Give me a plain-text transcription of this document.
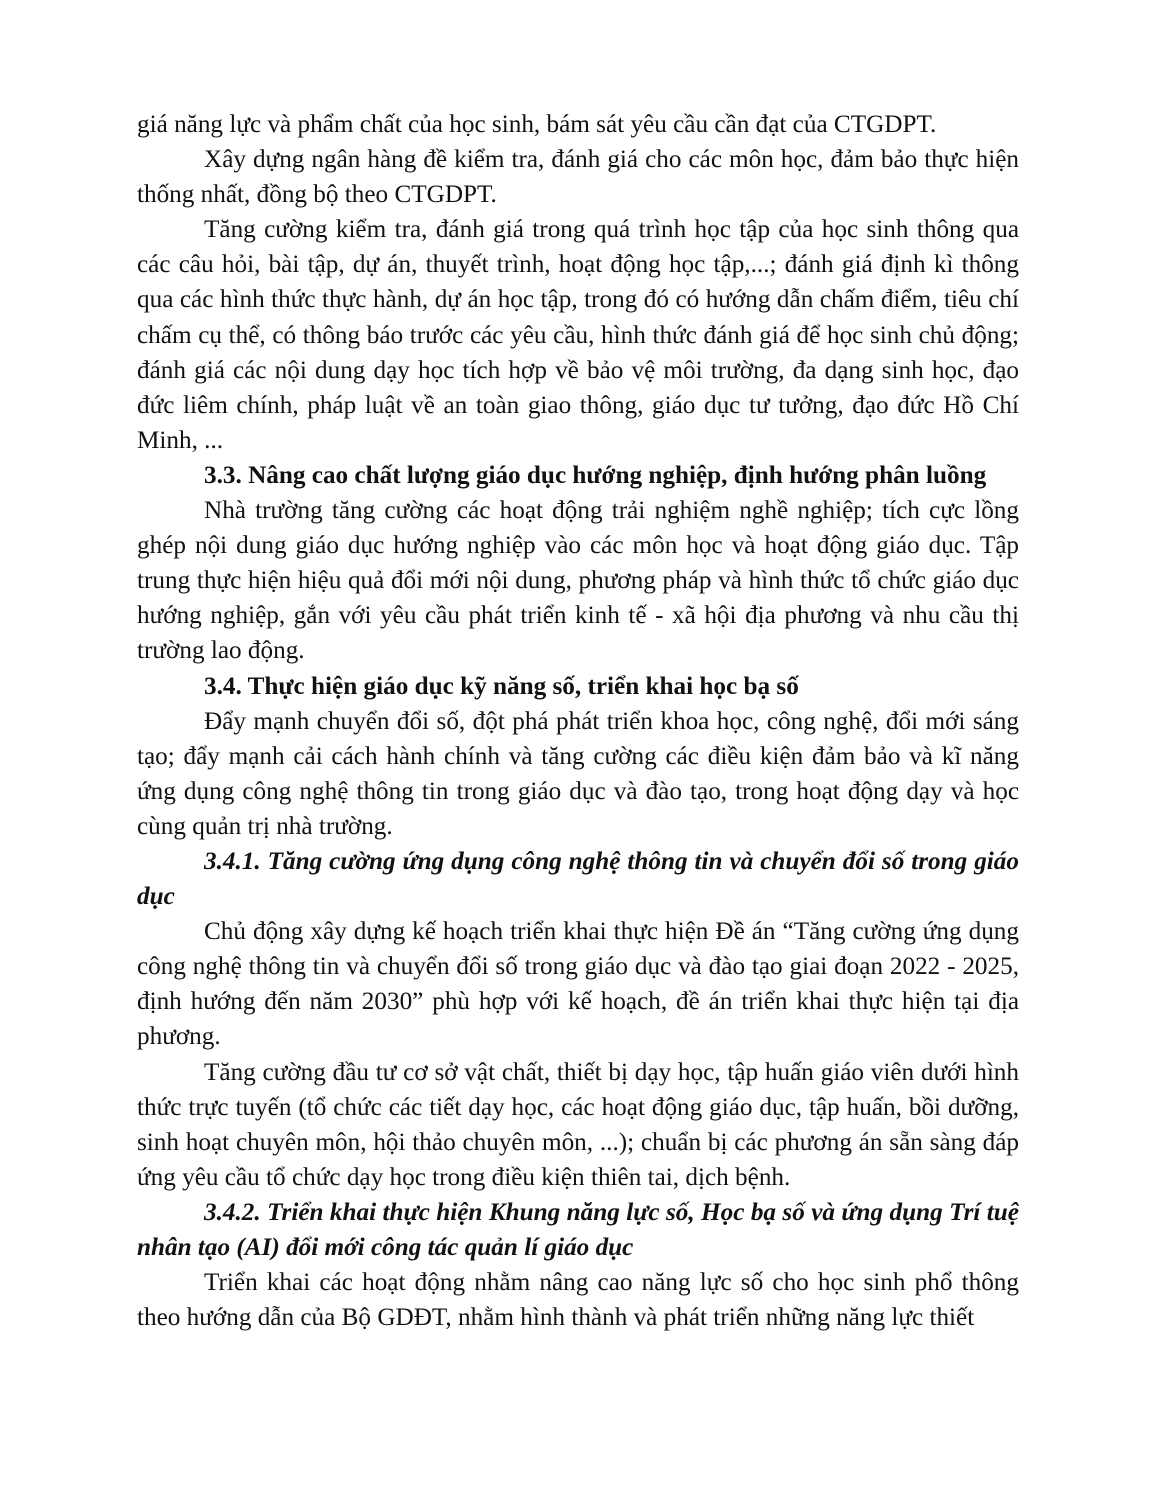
giá năng lực và phẩm chất của học sinh, bám sát yêu cầu cần đạt của CTGDPT.

Xây dựng ngân hàng đề kiểm tra, đánh giá cho các môn học, đảm bảo thực hiện thống nhất, đồng bộ theo CTGDPT.

Tăng cường kiểm tra, đánh giá trong quá trình học tập của học sinh thông qua các câu hỏi, bài tập, dự án, thuyết trình, hoạt động học tập,...; đánh giá định kì thông qua các hình thức thực hành, dự án học tập, trong đó có hướng dẫn chấm điểm, tiêu chí chấm cụ thể, có thông báo trước các yêu cầu, hình thức đánh giá để học sinh chủ động; đánh giá các nội dung dạy học tích hợp về bảo vệ môi trường, đa dạng sinh học, đạo đức liêm chính, pháp luật về an toàn giao thông, giáo dục tư tưởng, đạo đức Hồ Chí Minh, ...

3.3. Nâng cao chất lượng giáo dục hướng nghiệp, định hướng phân luồng

Nhà trường tăng cường các hoạt động trải nghiệm nghề nghiệp; tích cực lồng ghép nội dung giáo dục hướng nghiệp vào các môn học và hoạt động giáo dục. Tập trung thực hiện hiệu quả đổi mới nội dung, phương pháp và hình thức tổ chức giáo dục hướng nghiệp, gắn với yêu cầu phát triển kinh tế - xã hội địa phương và nhu cầu thị trường lao động.

3.4. Thực hiện giáo dục kỹ năng số, triển khai học bạ số

Đẩy mạnh chuyển đổi số, đột phá phát triển khoa học, công nghệ, đổi mới sáng tạo; đẩy mạnh cải cách hành chính và tăng cường các điều kiện đảm bảo và kĩ năng ứng dụng công nghệ thông tin trong giáo dục và đào tạo, trong hoạt động dạy và học cùng quản trị nhà trường.

3.4.1. Tăng cường ứng dụng công nghệ thông tin và chuyển đổi số trong giáo dục

Chủ động xây dựng kế hoạch triển khai thực hiện Đề án “Tăng cường ứng dụng công nghệ thông tin và chuyển đổi số trong giáo dục và đào tạo giai đoạn 2022 - 2025, định hướng đến năm 2030” phù hợp với kế hoạch, đề án triển khai thực hiện tại địa phương.

Tăng cường đầu tư cơ sở vật chất, thiết bị dạy học, tập huấn giáo viên dưới hình thức trực tuyến (tổ chức các tiết dạy học, các hoạt động giáo dục, tập huấn, bồi dưỡng, sinh hoạt chuyên môn, hội thảo chuyên môn, ...); chuẩn bị các phương án sẵn sàng đáp ứng yêu cầu tổ chức dạy học trong điều kiện thiên tai, dịch bệnh.

3.4.2. Triển khai thực hiện Khung năng lực số, Học bạ số và ứng dụng Trí tuệ nhân tạo (AI) đổi mới công tác quản lí giáo dục

Triển khai các hoạt động nhằm nâng cao năng lực số cho học sinh phổ thông theo hướng dẫn của Bộ GDĐT, nhằm hình thành và phát triển những năng lực thiết
